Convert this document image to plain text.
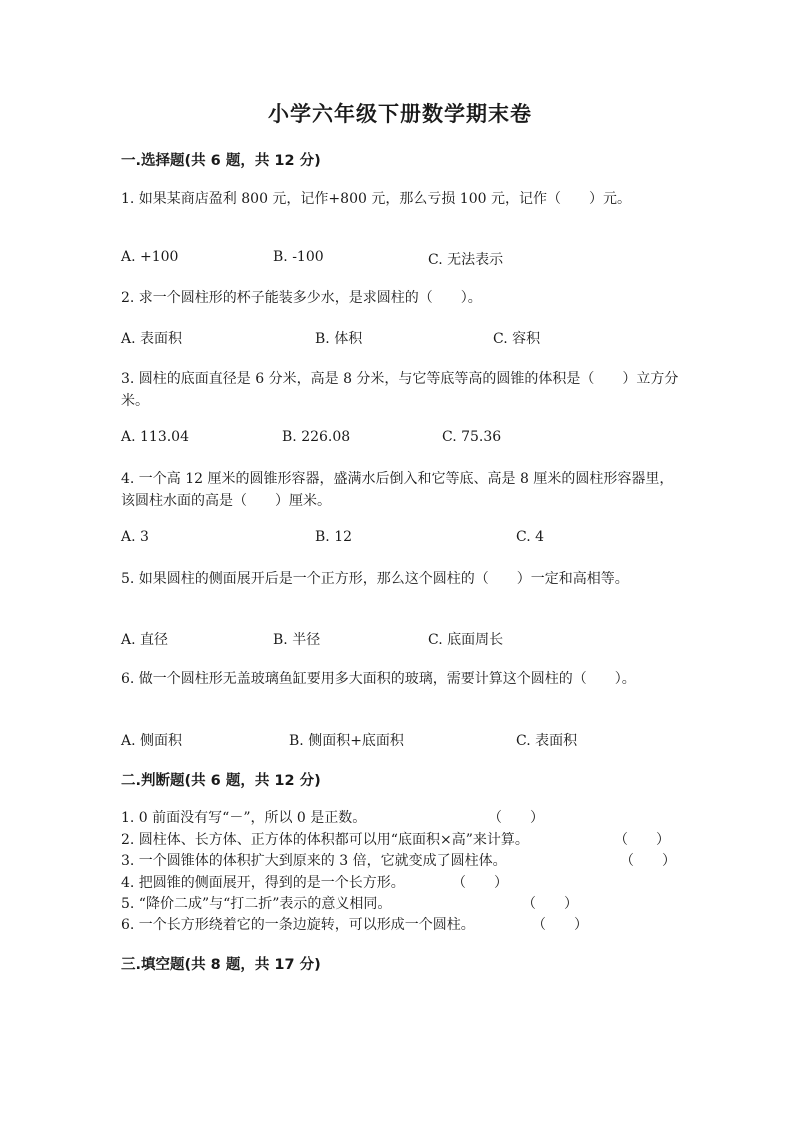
小学六年级下册数学期末卷
一.选择题(共 6 题，共 12 分)
1. 如果某商店盈利 800 元，记作+800 元，那么亏损 100 元，记作（　　）元。
A. +100	B. -100	C. 无法表示
2. 求一个圆柱形的杯子能装多少水，是求圆柱的（　　）。
A. 表面积	B. 体积	C. 容积
3. 圆柱的底面直径是 6 分米，高是 8 分米，与它等底等高的圆锥的体积是（　　）立方分米。
A. 113.04	B. 226.08	C. 75.36
4. 一个高 12 厘米的圆锥形容器，盛满水后倒入和它等底、高是 8 厘米的圆柱形容器里，该圆柱水面的高是（　　）厘米。
A. 3	B. 12	C. 4
5. 如果圆柱的侧面展开后是一个正方形，那么这个圆柱的（　　）一定和高相等。
A. 直径	B. 半径	C. 底面周长
6. 做一个圆柱形无盖玻璃鱼缸要用多大面积的玻璃，需要计算这个圆柱的（　　）。
A. 侧面积	B. 侧面积+底面积	C. 表面积
二.判断题(共 6 题，共 12 分)
1. 0 前面没有写“－”，所以 0 是正数。	（　　）
2. 圆柱体、长方体、正方体的体积都可以用“底面积×高”来计算。	（　　）
3. 一个圆锥体的体积扩大到原来的 3 倍，它就变成了圆柱体。	（　　）
4. 把圆锥的侧面展开，得到的是一个长方形。	（　　）
5. “降价二成”与“打二折”表示的意义相同。	（　　）
6. 一个长方形绕着它的一条边旋转，可以形成一个圆柱。	（　　）
三.填空题(共 8 题，共 17 分)
